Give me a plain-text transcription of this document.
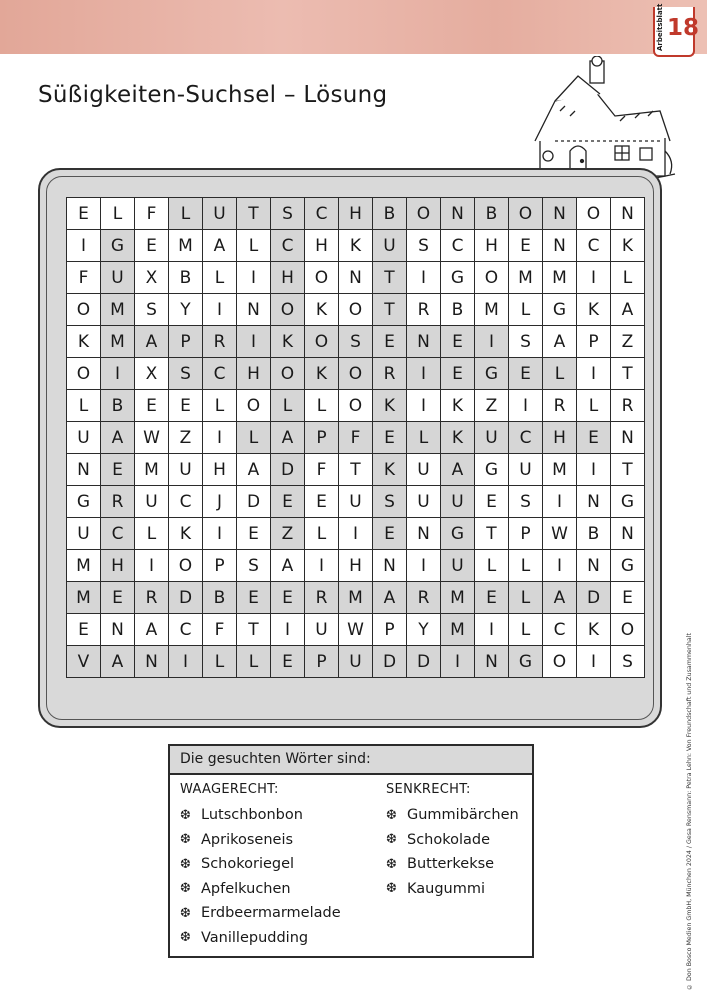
Arbeitsblatt 18
Süßigkeiten-Suchsel – Lösung
E	L	F	L	U	T	S	C	H	B	O	N	B	O	N	O	N
I	G	E	M	A	L	C	H	K	U	S	C	H	E	N	C	K
F	U	X	B	L	I	H	O	N	T	I	G	O	M	M	I	L
O	M	S	Y	I	N	O	K	O	T	R	B	M	L	G	K	A
K	M	A	P	R	I	K	O	S	E	N	E	I	S	A	P	Z
O	I	X	S	C	H	O	K	O	R	I	E	G	E	L	I	T
L	B	E	E	L	O	L	L	O	K	I	K	Z	I	R	L	R
U	A	W	Z	I	L	A	P	F	E	L	K	U	C	H	E	N
N	E	M	U	H	A	D	F	T	K	U	A	G	U	M	I	T
G	R	U	C	J	D	E	E	U	S	U	U	E	S	I	N	G
U	C	L	K	I	E	Z	L	I	E	N	G	T	P	W	B	N
M	H	I	O	P	S	A	I	H	N	I	U	L	L	I	N	G
M	E	R	D	B	E	E	R	M	A	R	M	E	L	A	D	E
E	N	A	C	F	T	I	U	W	P	Y	M	I	L	C	K	O
V	A	N	I	L	L	E	P	U	D	D	I	N	G	O	I	S
Die gesuchten Wörter sind:
WAAGERECHT:
❆ Lutschbonbon
❆ Aprikoseneis
❆ Schokoriegel
❆ Apfelkuchen
❆ Erdbeermarmelade
❆ Vanillepudding
SENKRECHT:
❆ Gummibärchen
❆ Schokolade
❆ Butterkekse
❆ Kaugummi	© Don Bosco Medien GmbH, München 2024 / Gesa Rensmann: Petra Lehn: Von Freundschaft und Zusammenhalt
